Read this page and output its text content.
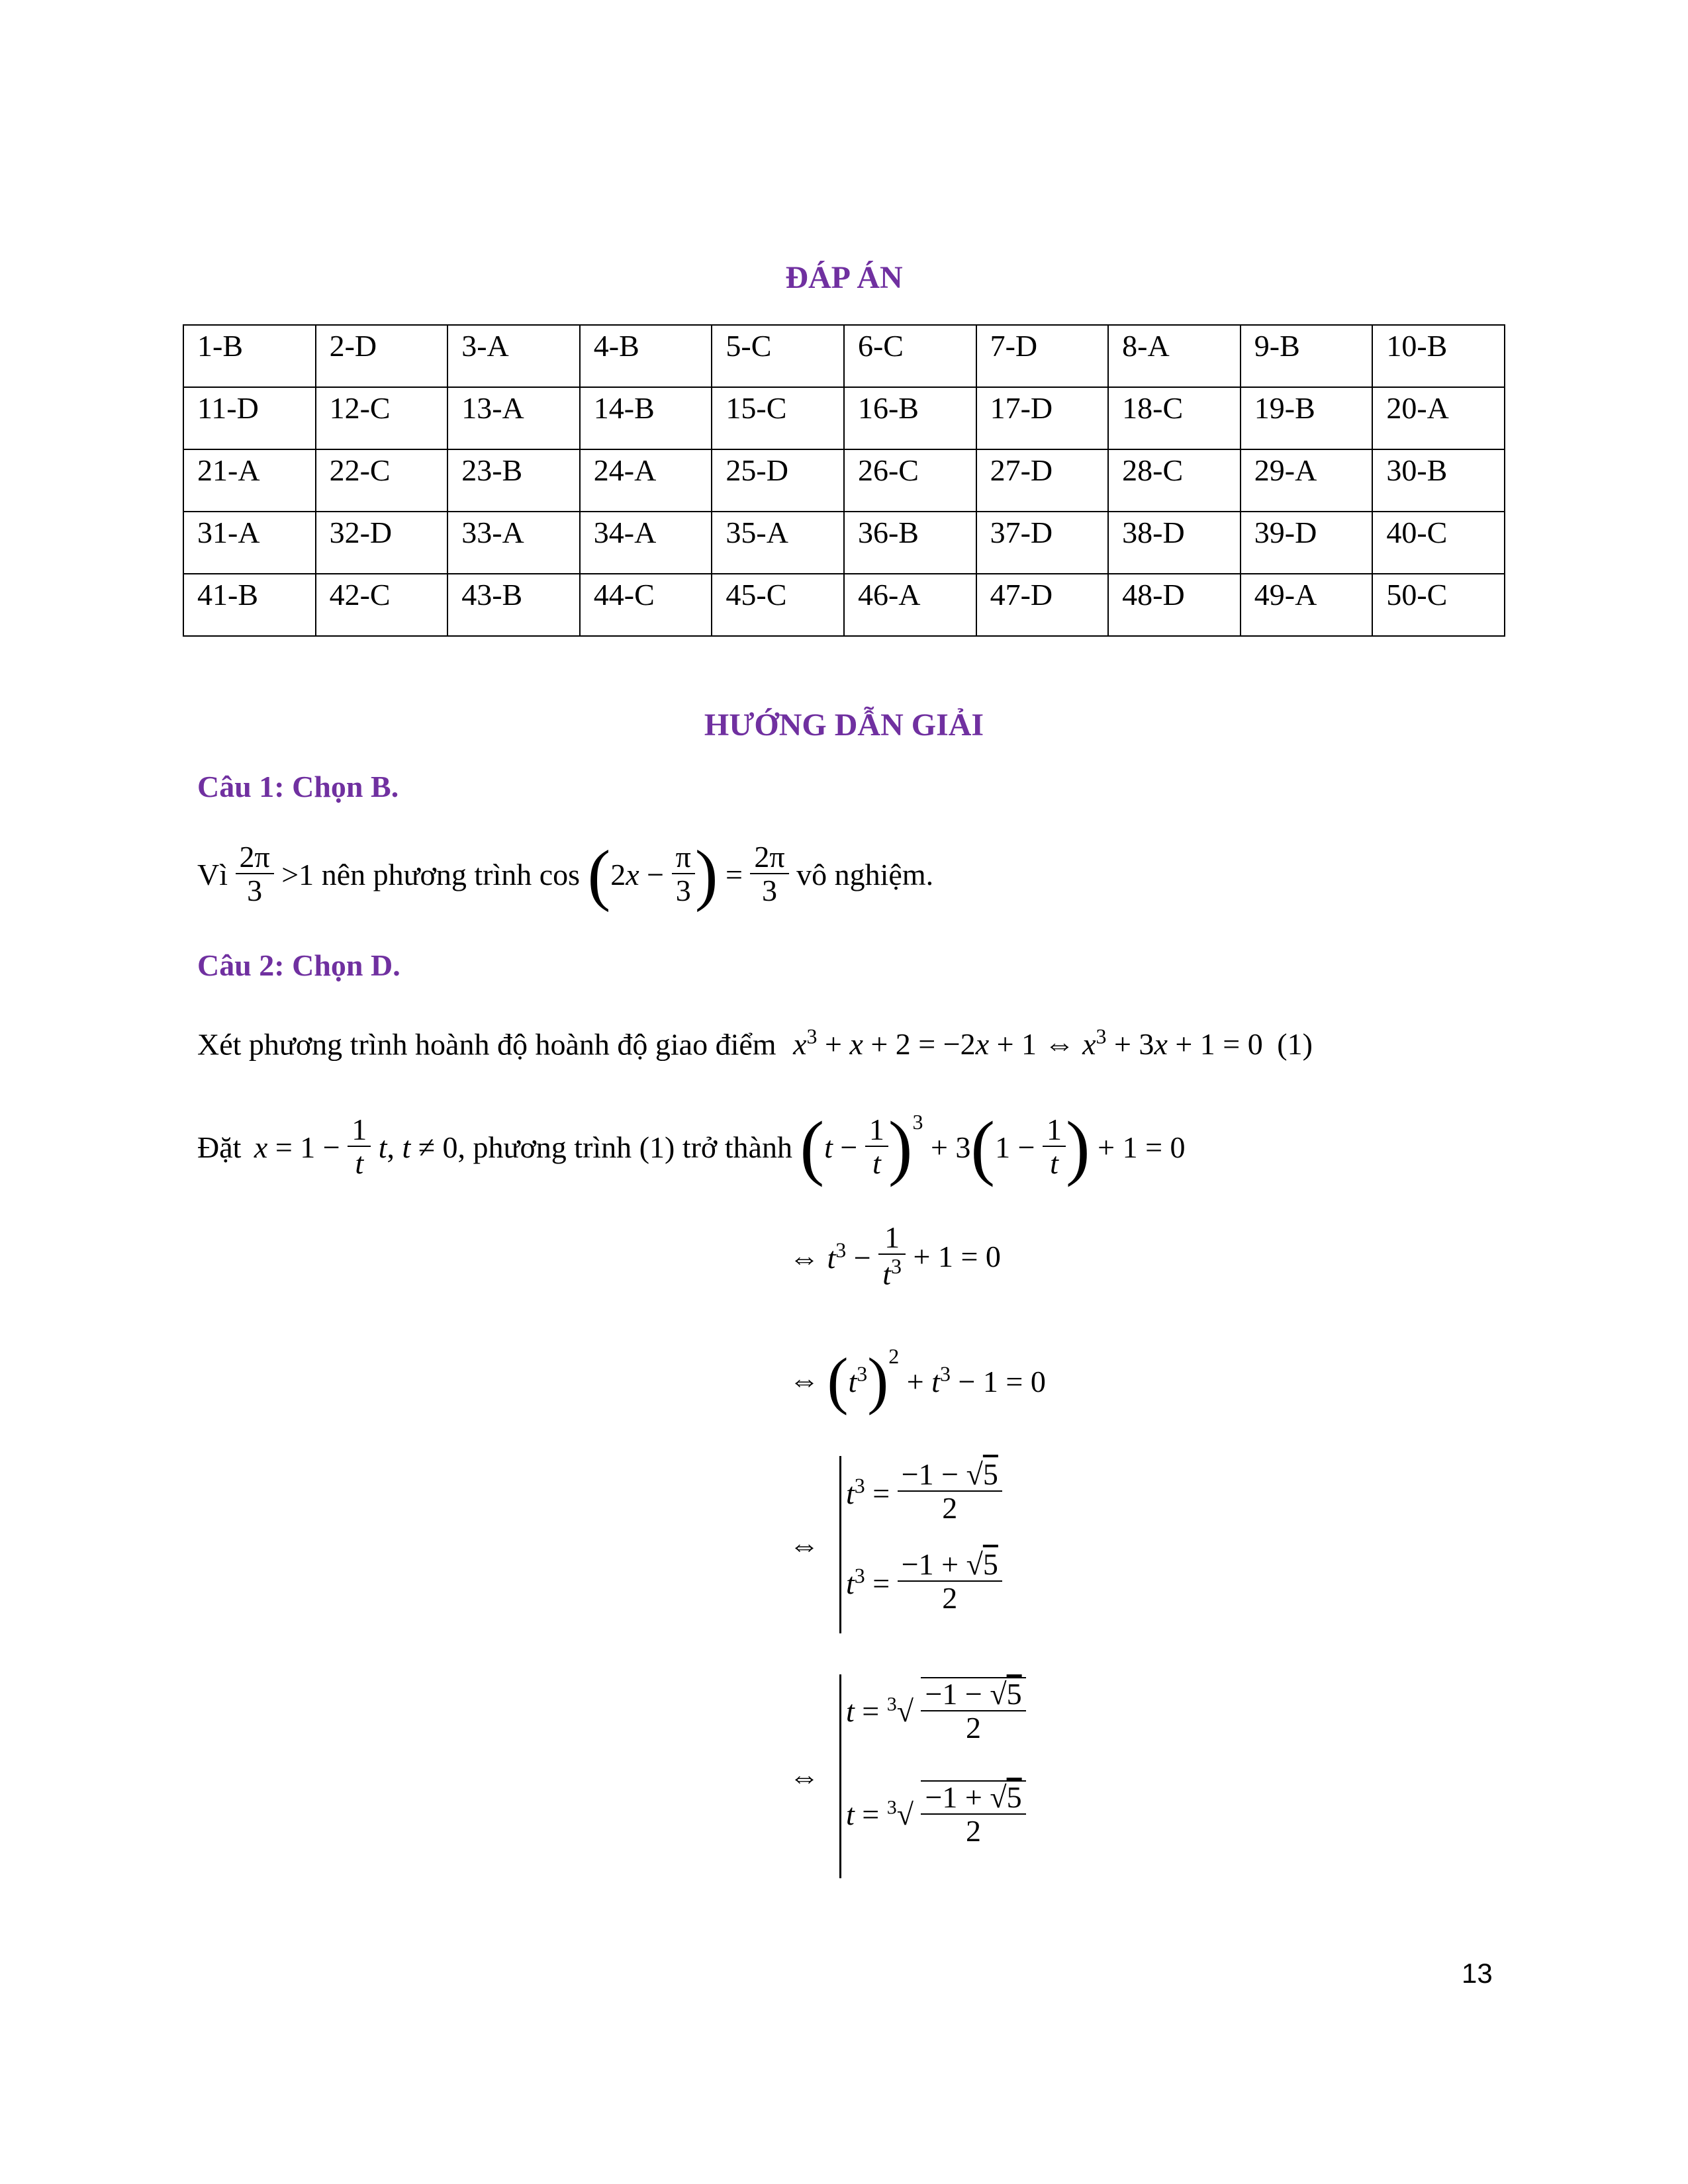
ĐÁP ÁN
1-B	2-D	3-A	4-B	5-C	6-C	7-D	8-A	9-B	10-B
11-D	12-C	13-A	14-B	15-C	16-B	17-D	18-C	19-B	20-A
21-A	22-C	23-B	24-A	25-D	26-C	27-D	28-C	29-A	30-B
31-A	32-D	33-A	34-A	35-A	36-B	37-D	38-D	39-D	40-C
41-B	42-C	43-B	44-C	45-C	46-A	47-D	48-D	49-A	50-C
HƯỚNG DẪN GIẢI
Câu 1: Chọn B.
Vì $\frac{2\pi}{3} >1$ nên phương trình $\cos (2x - \frac{\pi}{3}$ ) = $\frac{2\pi}{3}$ vô nghiệm.
Câu 2: Chọn D.
Xét phương trình hoành độ hoành độ giao điểm $x^3 + x + 2 = -2x + 1$ ⇔ $x^3 + 3x + 1 = 0$ (1)
Đặt $x = 1 - \frac{1}{t} t$, t ≠ 0, phương trình (1) trở thành $(t - \frac{1}{t} )^3 + 3(1 - \frac{1}{t}$ ) + 1 = 0
⇔ $t^3 - \frac{1}{t^3} + 1 = 0$
⇔ $(t^3)^2 + t^3 - 1 = 0$
⇔
$t^3 = \frac{-1 - √5}{2}$
$t^3 = \frac{-1 + √5}{2}$
⇔
$t = ^3√ \frac{-1 - √5}{2}$
$t = ^3√ \frac{-1 + √5}{2}$
13
